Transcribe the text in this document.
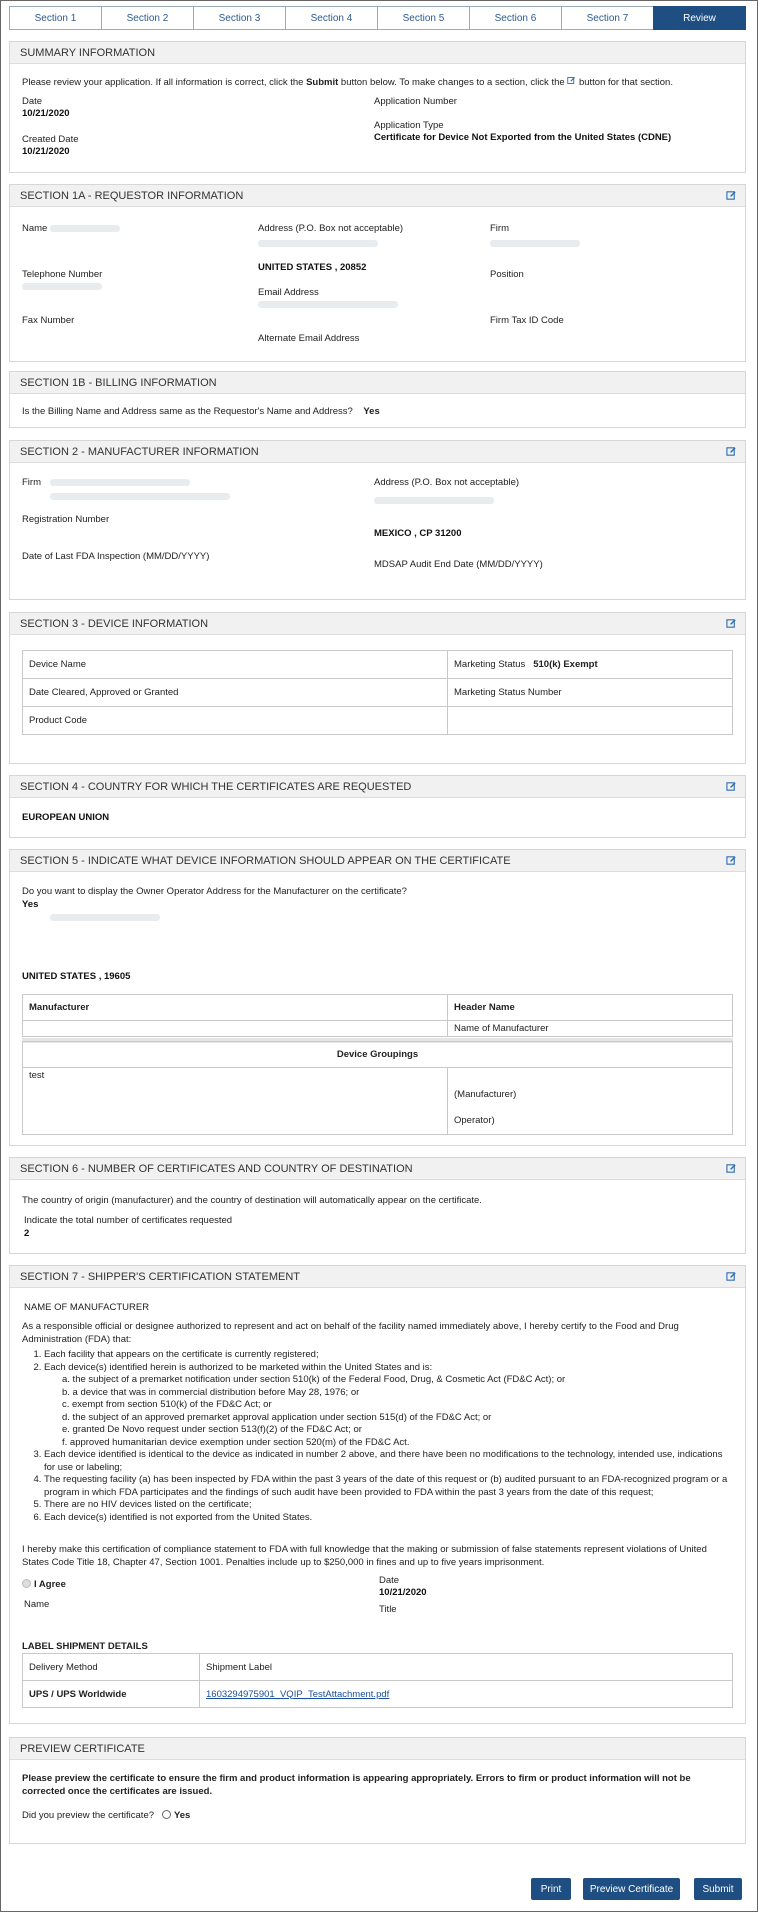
Section 1	Section 2	Section 3	Section 4	Section 5	Section 6	Section 7	Review
SUMMARY INFORMATION
Please review your application. If all information is correct, click the Submit button below. To make changes to a section, click the  button for that section.
Date
10/21/2020
Created Date
10/21/2020
Application Number
Application Type
Certificate for Device Not Exported from the United States (CDNE)
SECTION 1A - REQUESTOR INFORMATION
Name	Address (P.O. Box not acceptable)	Firm
UNITED STATES , 20852
Telephone Number	Position
Email Address
Fax Number	Firm Tax ID Code
Alternate Email Address
SECTION 1B - BILLING INFORMATION
Is the Billing Name and Address same as the Requestor's Name and Address? Yes
SECTION 2 - MANUFACTURER INFORMATION
Firm	Address (P.O. Box not acceptable)
Registration Number
MEXICO , CP 31200
Date of Last FDA Inspection (MM/DD/YYYY)
MDSAP Audit End Date (MM/DD/YYYY)
SECTION 3 - DEVICE INFORMATION
Device Name	Marketing Status 510(k) Exempt
Date Cleared, Approved or Granted	Marketing Status Number
Product Code	
SECTION 4 - COUNTRY FOR WHICH THE CERTIFICATES ARE REQUESTED
EUROPEAN UNION
SECTION 5 - INDICATE WHAT DEVICE INFORMATION SHOULD APPEAR ON THE CERTIFICATE
Do you want to display the Owner Operator Address for the Manufacturer on the certificate?
Yes
UNITED STATES , 19605
Manufacturer	Header Name
	Name of Manufacturer
Device Groupings
test	
(Manufacturer)
Operator)
SECTION 6 - NUMBER OF CERTIFICATES AND COUNTRY OF DESTINATION
The country of origin (manufacturer) and the country of destination will automatically appear on the certificate.
Indicate the total number of certificates requested
2
SECTION 7 - SHIPPER'S CERTIFICATION STATEMENT
NAME OF MANUFACTURER
As a responsible official or designee authorized to represent and act on behalf of the facility named immediately above, I hereby certify to the Food and Drug Administration (FDA) that:
1. Each facility that appears on the certificate is currently registered;
2. Each device(s) identified herein is authorized to be marketed within the United States and is:
a. the subject of a premarket notification under section 510(k) of the Federal Food, Drug, & Cosmetic Act (FD&C Act); or
b. a device that was in commercial distribution before May 28, 1976; or
c. exempt from section 510(k) of the FD&C Act; or
d. the subject of an approved premarket approval application under section 515(d) of the FD&C Act; or
e. granted De Novo request under section 513(f)(2) of the FD&C Act; or
f. approved humanitarian device exemption under section 520(m) of the FD&C Act.
3. Each device identified is identical to the device as indicated in number 2 above, and there have been no modifications to the technology, intended use, indications for use or labeling;
4. The requesting facility (a) has been inspected by FDA within the past 3 years of the date of this request or (b) audited pursuant to an FDA-recognized program or a program in which FDA participates and the findings of such audit have been provided to FDA within the past 3 years from the date of this request;
5. There are no HIV devices listed on the certificate;
6. Each device(s) identified is not exported from the United States.
I hereby make this certification of compliance statement to FDA with full knowledge that the making or submission of false statements represent violations of United States Code Title 18, Chapter 47, Section 1001. Penalties include up to $250,000 in fines and up to five years imprisonment.
I Agree
Name
Date
10/21/2020
Title
LABEL SHIPMENT DETAILS
Delivery Method	Shipment Label
UPS / UPS Worldwide	1603294975901_VQIP_TestAttachment.pdf
PREVIEW CERTIFICATE
Please preview the certificate to ensure the firm and product information is appearing appropriately. Errors to firm or product information will not be corrected once the certificates are issued.
Did you preview the certificate? Yes
Print	Preview Certificate	Submit
